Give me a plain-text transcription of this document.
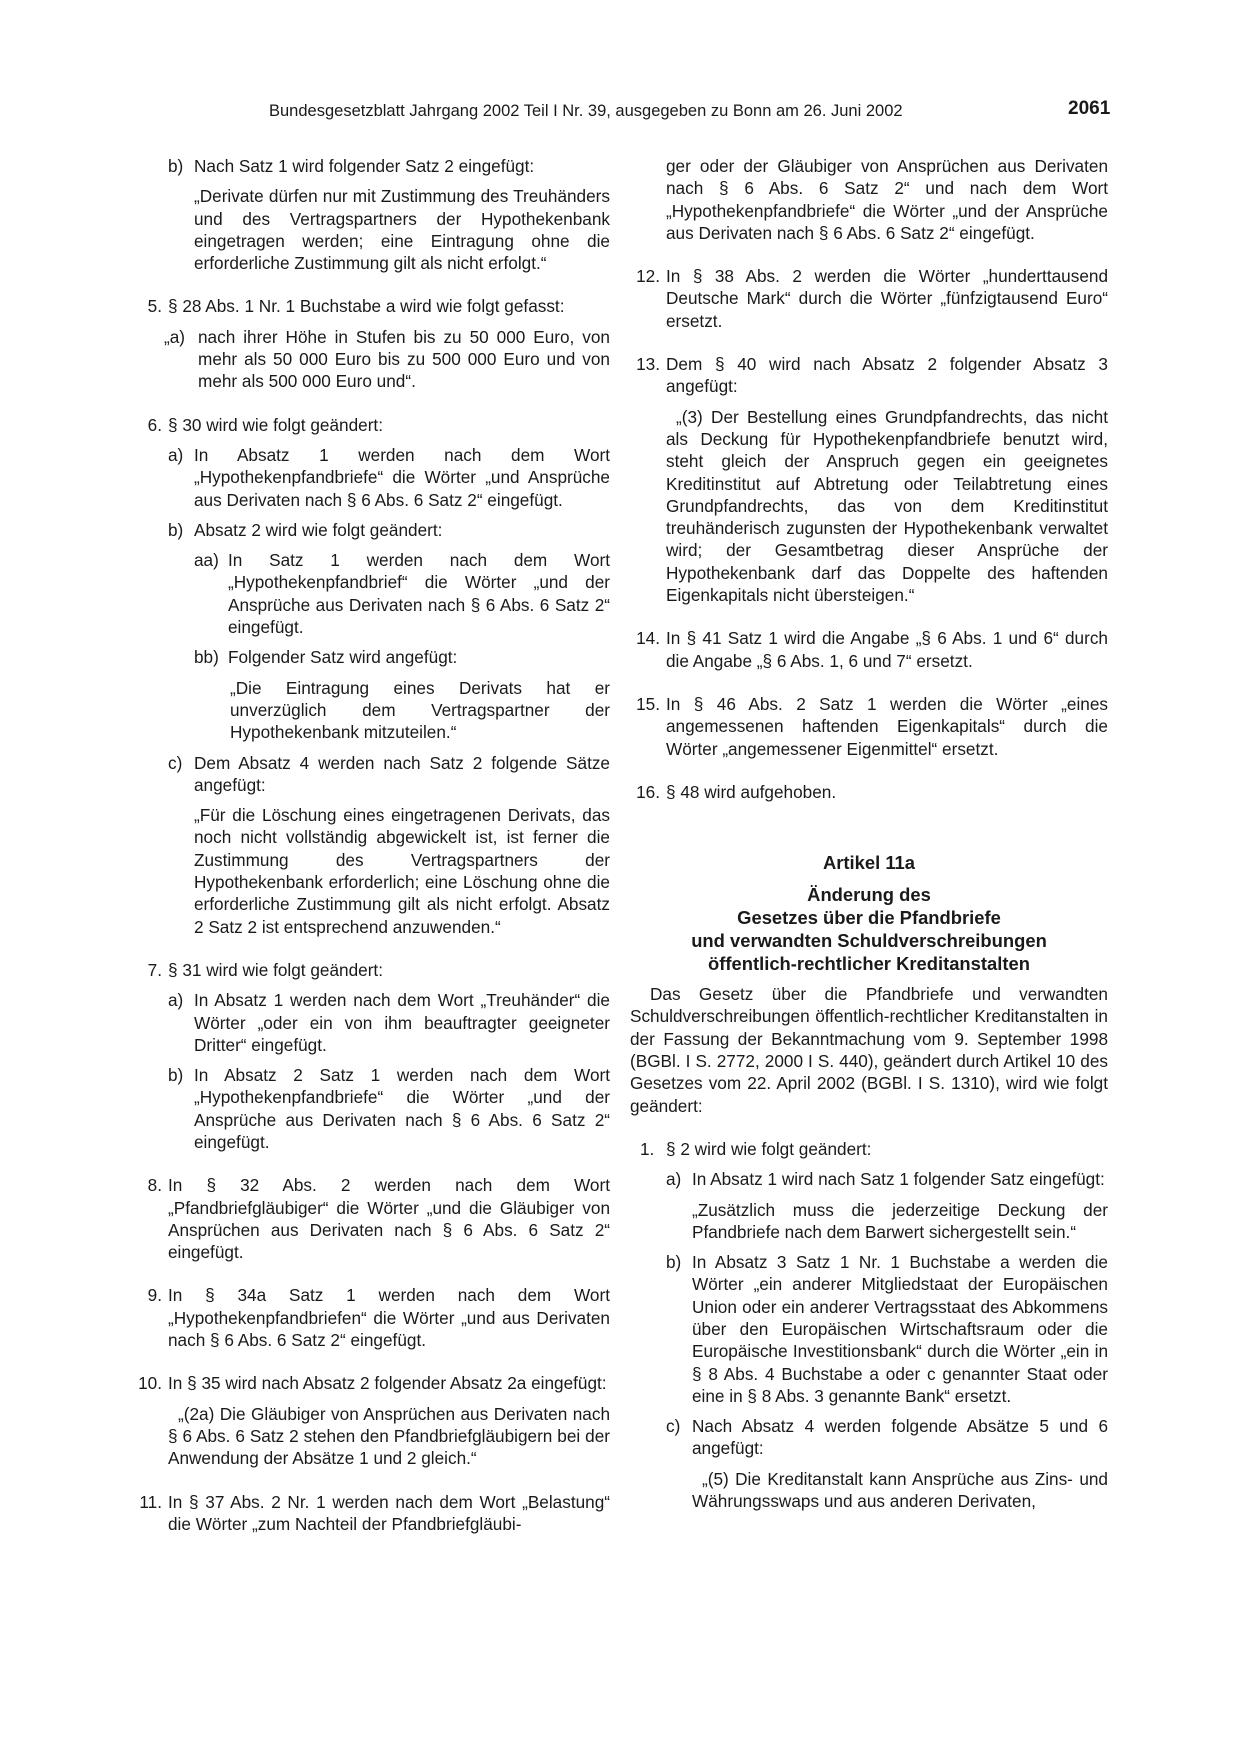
Bundesgesetzblatt Jahrgang 2002 Teil I Nr. 39, ausgegeben zu Bonn am 26. Juni 2002	2061
b) Nach Satz 1 wird folgender Satz 2 eingefügt:

„Derivate dürfen nur mit Zustimmung des Treuhänders und des Vertragspartners der Hypothekenbank eingetragen werden; eine Eintragung ohne die erforderliche Zustimmung gilt als nicht erfolgt.“

5. § 28 Abs. 1 Nr. 1 Buchstabe a wird wie folgt gefasst:
„a) nach ihrer Höhe in Stufen bis zu 50 000 Euro, von mehr als 50 000 Euro bis zu 500 000 Euro und von mehr als 500 000 Euro und“.
6. § 30 wird wie folgt geändert:
a) In Absatz 1 werden nach dem Wort „Hypothekenpfandbriefe“ die Wörter „und Ansprüche aus Derivaten nach § 6 Abs. 6 Satz 2“ eingefügt.
b) Absatz 2 wird wie folgt geändert:
aa) In Satz 1 werden nach dem Wort „Hypothekenpfandbrief“ die Wörter „und der Ansprüche aus Derivaten nach § 6 Abs. 6 Satz 2“ eingefügt.
bb) Folgender Satz wird angefügt:

„Die Eintragung eines Derivats hat er unverzüglich dem Vertragspartner der Hypothekenbank mitzuteilen.“

c) Dem Absatz 4 werden nach Satz 2 folgende Sätze angefügt:

„Für die Löschung eines eingetragenen Derivats, das noch nicht vollständig abgewickelt ist, ist ferner die Zustimmung des Vertragspartners der Hypothekenbank erforderlich; eine Löschung ohne die erforderliche Zustimmung gilt als nicht erfolgt. Absatz 2 Satz 2 ist entsprechend anzuwenden.“

7. § 31 wird wie folgt geändert:
a) In Absatz 1 werden nach dem Wort „Treuhänder“ die Wörter „oder ein von ihm beauftragter geeigneter Dritter“ eingefügt.
b) In Absatz 2 Satz 1 werden nach dem Wort „Hypothekenpfandbriefe“ die Wörter „und der Ansprüche aus Derivaten nach § 6 Abs. 6 Satz 2“ eingefügt.
8. In § 32 Abs. 2 werden nach dem Wort „Pfandbriefgläubiger“ die Wörter „und die Gläubiger von Ansprüchen aus Derivaten nach § 6 Abs. 6 Satz 2“ eingefügt.
9. In § 34a Satz 1 werden nach dem Wort „Hypothekenpfandbriefen“ die Wörter „und aus Derivaten nach § 6 Abs. 6 Satz 2“ eingefügt.
10. In § 35 wird nach Absatz 2 folgender Absatz 2a eingefügt:

„(2a) Die Gläubiger von Ansprüchen aus Derivaten nach § 6 Abs. 6 Satz 2 stehen den Pfandbriefgläubigern bei der Anwendung der Absätze 1 und 2 gleich.“

11. In § 37 Abs. 2 Nr. 1 werden nach dem Wort „Belastung“ die Wörter „zum Nachteil der Pfandbriefgläubi-

ger oder der Gläubiger von Ansprüchen aus Derivaten nach § 6 Abs. 6 Satz 2“ und nach dem Wort „Hypothekenpfandbriefe“ die Wörter „und der Ansprüche aus Derivaten nach § 6 Abs. 6 Satz 2“ eingefügt.

12. In § 38 Abs. 2 werden die Wörter „hunderttausend Deutsche Mark“ durch die Wörter „fünfzigtausend Euro“ ersetzt.
13. Dem § 40 wird nach Absatz 2 folgender Absatz 3 angefügt:

„(3) Der Bestellung eines Grundpfandrechts, das nicht als Deckung für Hypothekenpfandbriefe benutzt wird, steht gleich der Anspruch gegen ein geeignetes Kreditinstitut auf Abtretung oder Teilabtretung eines Grundpfandrechts, das von dem Kreditinstitut treuhänderisch zugunsten der Hypothekenbank verwaltet wird; der Gesamtbetrag dieser Ansprüche der Hypothekenbank darf das Doppelte des haftenden Eigenkapitals nicht übersteigen.“

14. In § 41 Satz 1 wird die Angabe „§ 6 Abs. 1 und 6“ durch die Angabe „§ 6 Abs. 1, 6 und 7“ ersetzt.
15. In § 46 Abs. 2 Satz 1 werden die Wörter „eines angemessenen haftenden Eigenkapitals“ durch die Wörter „angemessener Eigenmittel“ ersetzt.
16. § 48 wird aufgehoben.
Artikel 11a
Änderung des
Gesetzes über die Pfandbriefe
und verwandten Schuldverschreibungen
öffentlich-rechtlicher Kreditanstalten

Das Gesetz über die Pfandbriefe und verwandten Schuldverschreibungen öffentlich-rechtlicher Kreditanstalten in der Fassung der Bekanntmachung vom 9. September 1998 (BGBl. I S. 2772, 2000 I S. 440), geändert durch Artikel 10 des Gesetzes vom 22. April 2002 (BGBl. I S. 1310), wird wie folgt geändert:

1. § 2 wird wie folgt geändert:
a) In Absatz 1 wird nach Satz 1 folgender Satz eingefügt:

„Zusätzlich muss die jederzeitige Deckung der Pfandbriefe nach dem Barwert sichergestellt sein.“

b) In Absatz 3 Satz 1 Nr. 1 Buchstabe a werden die Wörter „ein anderer Mitgliedstaat der Europäischen Union oder ein anderer Vertragsstaat des Abkommens über den Europäischen Wirtschaftsraum oder die Europäische Investitionsbank“ durch die Wörter „ein in § 8 Abs. 4 Buchstabe a oder c genannter Staat oder eine in § 8 Abs. 3 genannte Bank“ ersetzt.
c) Nach Absatz 4 werden folgende Absätze 5 und 6 angefügt:

„(5) Die Kreditanstalt kann Ansprüche aus Zins- und Währungsswaps und aus anderen Derivaten,
